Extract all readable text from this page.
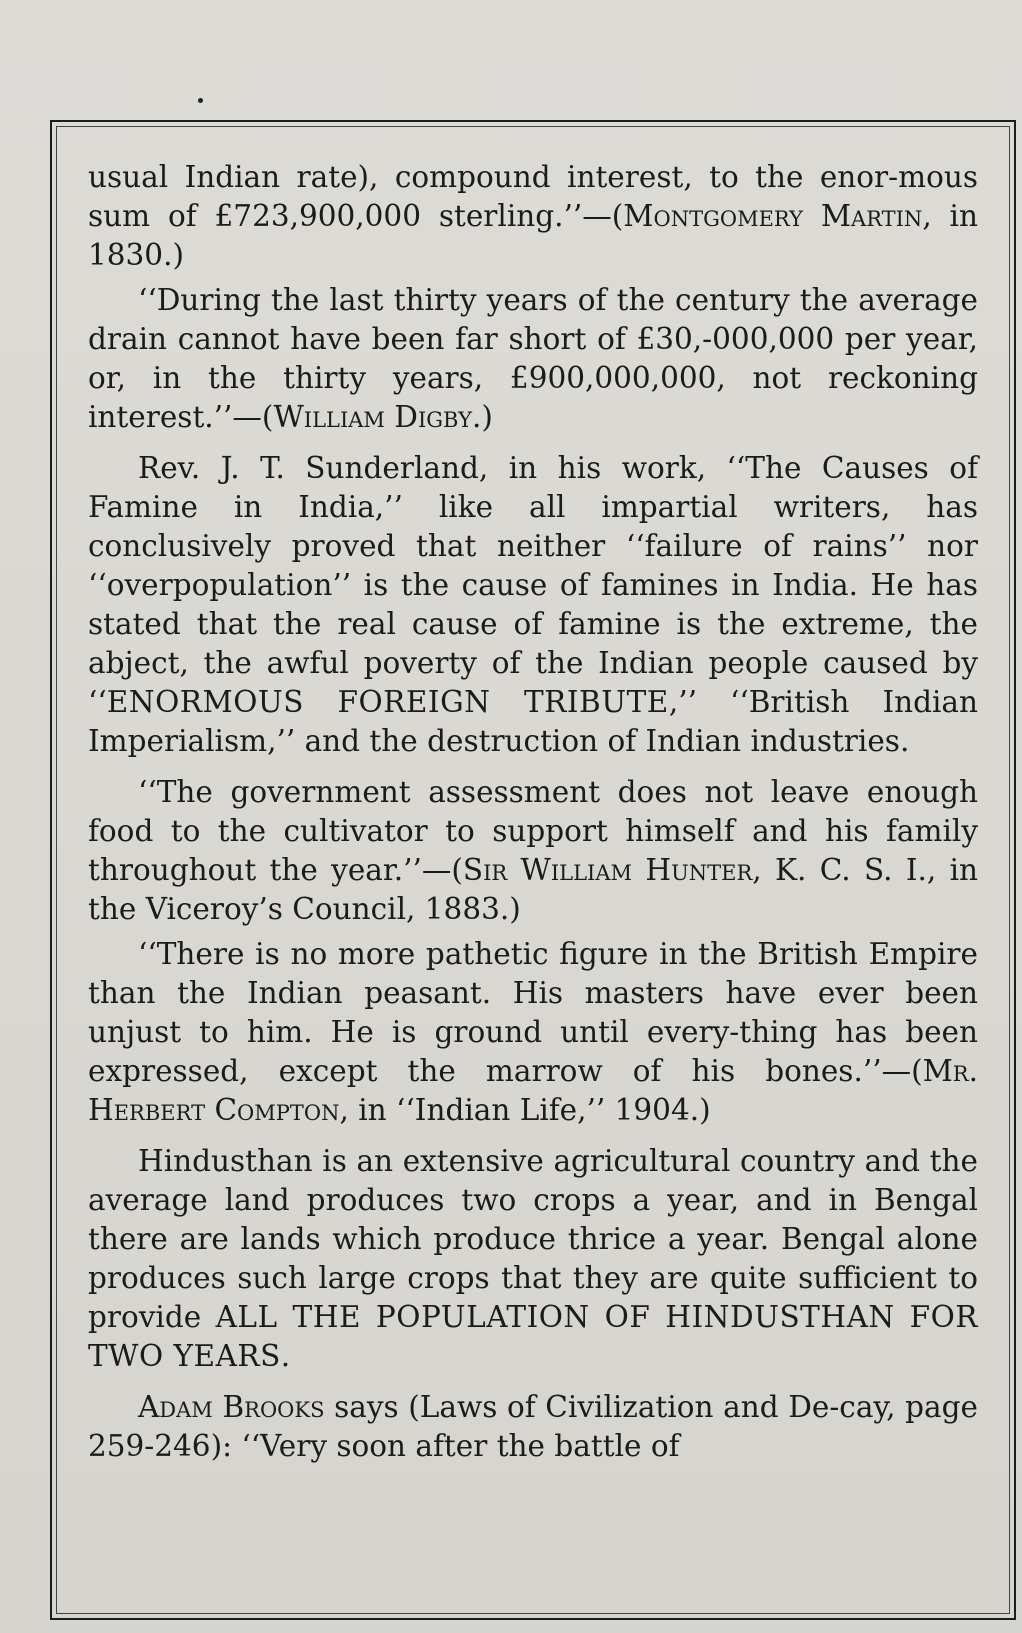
usual Indian rate), compound interest, to the enor-mous sum of £723,900,000 sterling.’’—(Montgomery Martin, in 1830.)

‘‘During the last thirty years of the century the average drain cannot have been far short of £30,-000,000 per year, or, in the thirty years, £900,000,000, not reckoning interest.’’—(William Digby.)

Rev. J. T. Sunderland, in his work, ‘‘The Causes of Famine in India,’’ like all impartial writers, has conclusively proved that neither ‘‘failure of rains’’ nor ‘‘overpopulation’’ is the cause of famines in India. He has stated that the real cause of famine is the extreme, the abject, the awful poverty of the Indian people caused by ‘‘ENORMOUS FOREIGN TRIBUTE,’’ ‘‘British Indian Imperialism,’’ and the destruction of Indian industries.

‘‘The government assessment does not leave enough food to the cultivator to support himself and his family throughout the year.’’—(Sir William Hunter, K. C. S. I., in the Viceroy’s Council, 1883.)

‘‘There is no more pathetic figure in the British Empire than the Indian peasant. His masters have ever been unjust to him. He is ground until every-thing has been expressed, except the marrow of his bones.’’—(Mr. Herbert Compton, in ‘‘Indian Life,’’ 1904.)

Hindusthan is an extensive agricultural country and the average land produces two crops a year, and in Bengal there are lands which produce thrice a year. Bengal alone produces such large crops that they are quite sufficient to provide ALL THE POPULATION OF HINDUSTHAN FOR TWO YEARS.

Adam Brooks says (Laws of Civilization and De-cay, page 259-246): ‘‘Very soon after the battle of
